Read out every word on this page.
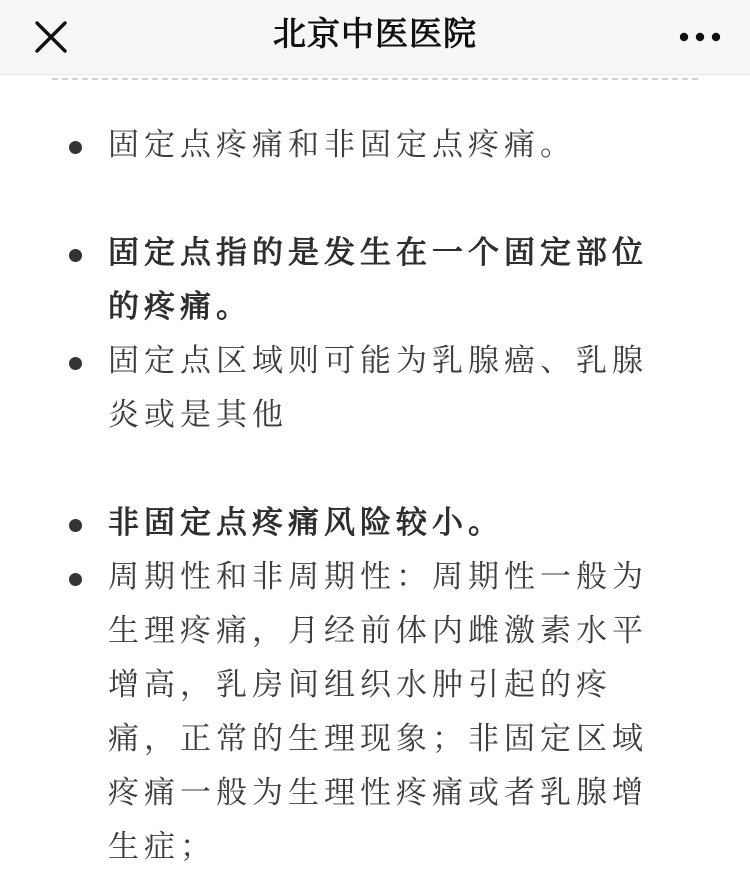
北京中医医院

固定点疼痛和非固定点疼痛。

固定点指的是发生在一个固定部位的疼痛。

固定点区域则可能为乳腺癌、乳腺炎或是其他

非固定点疼痛风险较小。

周期性和非周期性：周期性一般为生理疼痛，月经前体内雌激素水平增高，乳房间组织水肿引起的疼痛，正常的生理现象；非固定区域疼痛一般为生理性疼痛或者乳腺增生症；
